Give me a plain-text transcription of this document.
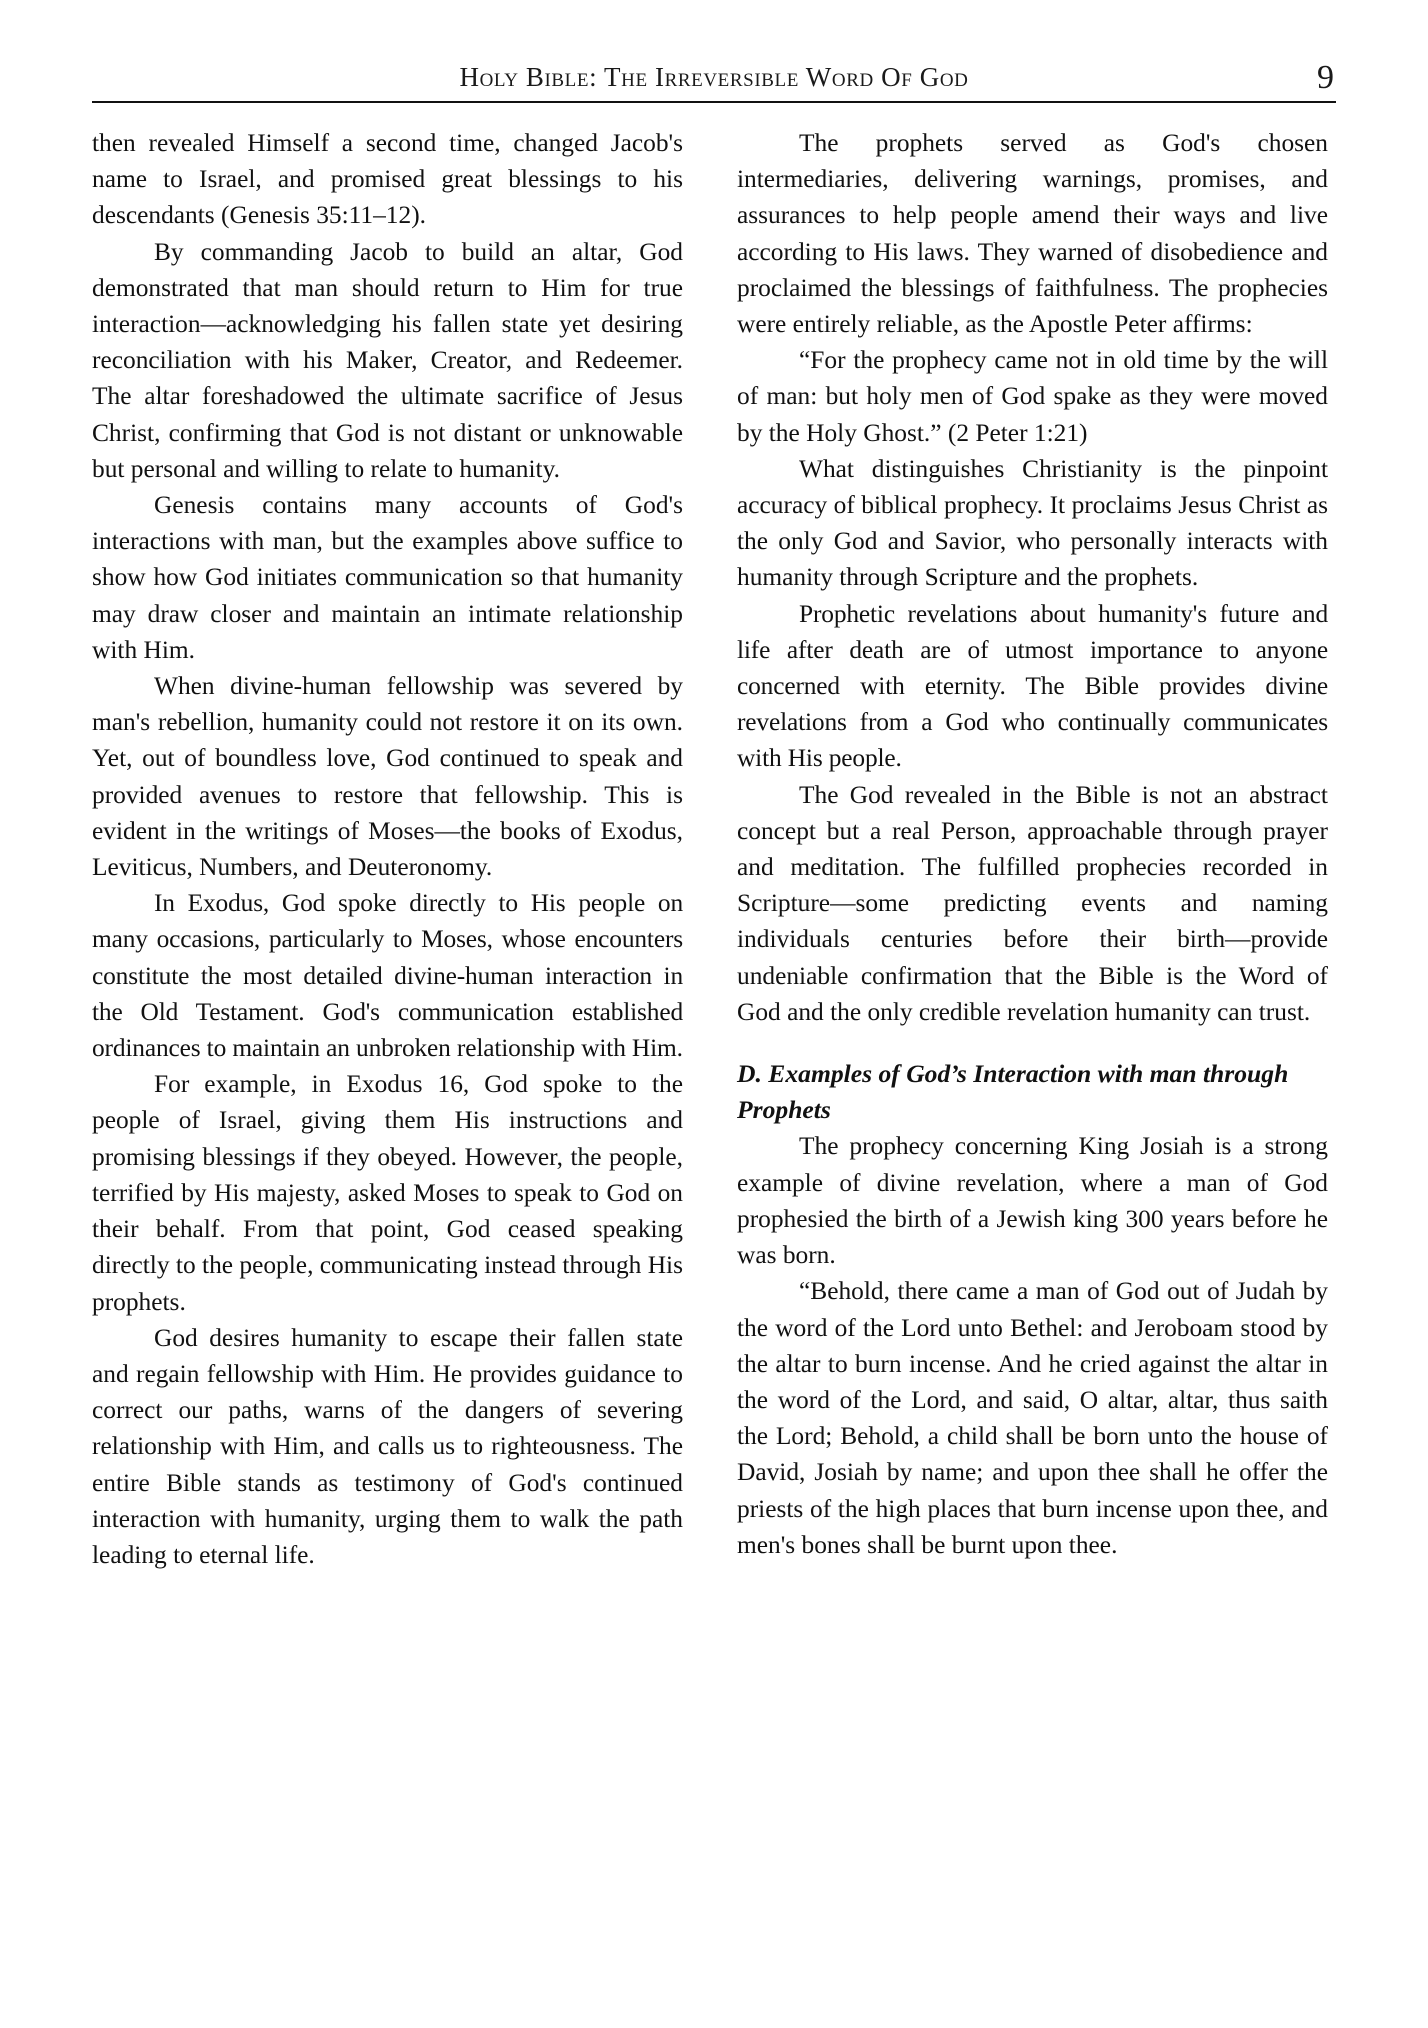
Holy Bible: The Irreversible Word Of God	9

then revealed Himself a second time, changed Jacob's name to Israel, and promised great blessings to his descendants (Genesis 35:11–12).

By commanding Jacob to build an altar, God demonstrated that man should return to Him for true interaction—acknowledging his fallen state yet desiring reconciliation with his Maker, Creator, and Redeemer. The altar foreshadowed the ultimate sacrifice of Jesus Christ, confirming that God is not distant or unknowable but personal and willing to relate to humanity.

Genesis contains many accounts of God's interactions with man, but the examples above suffice to show how God initiates communication so that humanity may draw closer and maintain an intimate relationship with Him.

When divine-human fellowship was severed by man's rebellion, humanity could not restore it on its own. Yet, out of boundless love, God continued to speak and provided avenues to restore that fellowship. This is evident in the writings of Moses—the books of Exodus, Leviticus, Numbers, and Deuteronomy.

In Exodus, God spoke directly to His people on many occasions, particularly to Moses, whose encounters constitute the most detailed divine-human interaction in the Old Testament. God's communication established ordinances to maintain an unbroken relationship with Him.

For example, in Exodus 16, God spoke to the people of Israel, giving them His instructions and promising blessings if they obeyed. However, the people, terrified by His majesty, asked Moses to speak to God on their behalf. From that point, God ceased speaking directly to the people, communicating instead through His prophets.

God desires humanity to escape their fallen state and regain fellowship with Him. He provides guidance to correct our paths, warns of the dangers of severing relationship with Him, and calls us to righteousness. The entire Bible stands as testimony of God's continued interaction with humanity, urging them to walk the path leading to eternal life.

The prophets served as God's chosen intermediaries, delivering warnings, promises, and assurances to help people amend their ways and live according to His laws. They warned of disobedience and proclaimed the blessings of faithfulness. The prophecies were entirely reliable, as the Apostle Peter affirms:

“For the prophecy came not in old time by the will of man: but holy men of God spake as they were moved by the Holy Ghost.” (2 Peter 1:21)

What distinguishes Christianity is the pinpoint accuracy of biblical prophecy. It proclaims Jesus Christ as the only God and Savior, who personally interacts with humanity through Scripture and the prophets.

Prophetic revelations about humanity's future and life after death are of utmost importance to anyone concerned with eternity. The Bible provides divine revelations from a God who continually communicates with His people.

The God revealed in the Bible is not an abstract concept but a real Person, approachable through prayer and meditation. The fulfilled prophecies recorded in Scripture—some predicting events and naming individuals centuries before their birth—provide undeniable confirmation that the Bible is the Word of God and the only credible revelation humanity can trust.

D. Examples of God’s Interaction with man through Prophets

The prophecy concerning King Josiah is a strong example of divine revelation, where a man of God prophesied the birth of a Jewish king 300 years before he was born.

“Behold, there came a man of God out of Judah by the word of the Lord unto Bethel: and Jeroboam stood by the altar to burn incense. And he cried against the altar in the word of the Lord, and said, O altar, altar, thus saith the Lord; Behold, a child shall be born unto the house of David, Josiah by name; and upon thee shall he offer the priests of the high places that burn incense upon thee, and men's bones shall be burnt upon thee.
